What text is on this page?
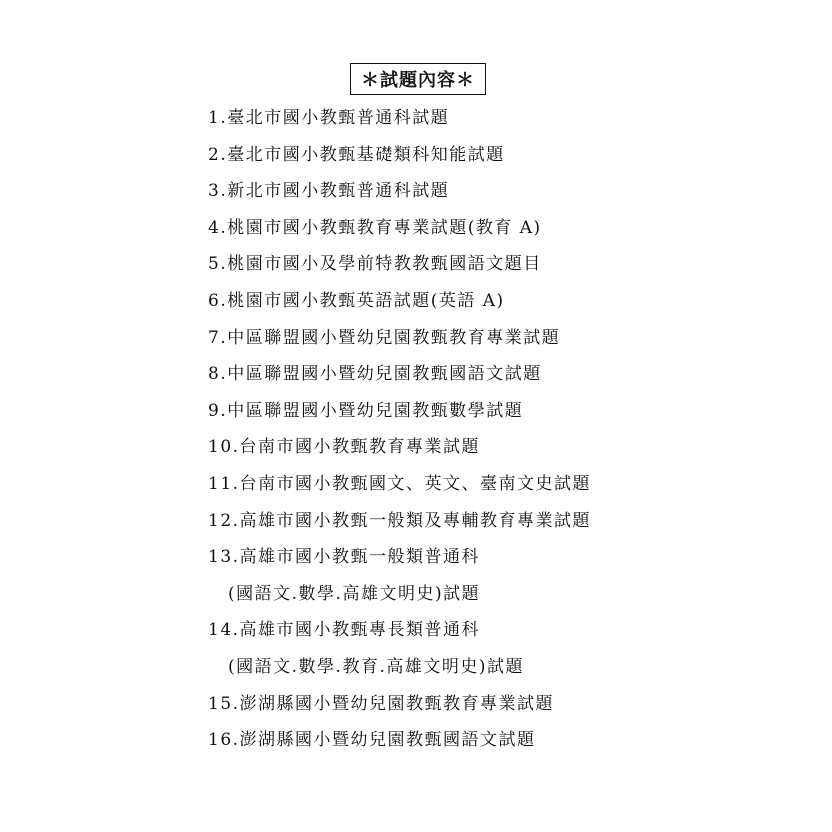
＊試題內容＊
1.臺北市國小教甄普通科試題
2.臺北市國小教甄基礎類科知能試題
3.新北市國小教甄普通科試題
4.桃園市國小教甄教育專業試題(教育 A)
5.桃園市國小及學前特教教甄國語文題目
6.桃園市國小教甄英語試題(英語 A)
7.中區聯盟國小暨幼兒園教甄教育專業試題
8.中區聯盟國小暨幼兒園教甄國語文試題
9.中區聯盟國小暨幼兒園教甄數學試題
10.台南市國小教甄教育專業試題
11.台南市國小教甄國文、英文、臺南文史試題
12.高雄市國小教甄一般類及專輔教育專業試題
13.高雄市國小教甄一般類普通科
(國語文.數學.高雄文明史)試題
14.高雄市國小教甄專長類普通科
(國語文.數學.教育.高雄文明史)試題
15.澎湖縣國小暨幼兒園教甄教育專業試題
16.澎湖縣國小暨幼兒園教甄國語文試題
